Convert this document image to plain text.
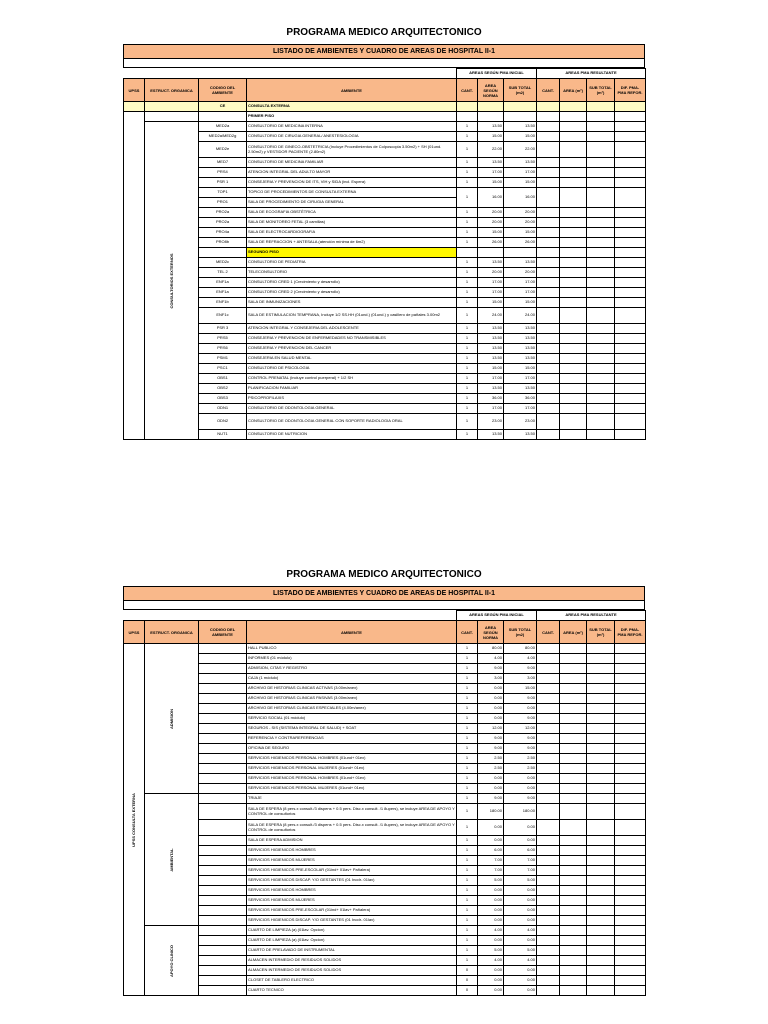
PROGRAMA MEDICO ARQUITECTONICO
LISTADO DE AMBIENTES Y CUADRO DE AREAS DE HOSPITAL II-1
				AREAS SEGÚN PMA INICIAL			AREAS PMA RESULTANTE			
UPSS	ESTRUCT. ORGANICA	CODIGO DEL AMBIENTE	AMBIENTE	CANT.	AREA SEGÚN NORMA	SUB TOTAL (m2)	CANT.	AREA (m²)	SUB TOTAL (m²)	DIF. PMA- PMA REFOR.
		CE	CONSULTA EXTERNA							
			PRIMER PISO							

	CONSULTORIOS EXTERNOS	MED2a	CONSULTORIO DE MEDICINA INTERNA	1	13.50	13.50				
		MED2a/MED2g	CONSULTORIO DE CIRUGIA GENERAL/ ANESTESIOLOGIA	1	15.00	15.00				
		MED2e	CONSULTORIO DE GINECO-OBSTETRICIA (Incluye Procedimientos de Colposcopia 3.50m2) + SH (01und. 2.50m2) y VESTIDOR PACIENTE (2.80m2)	1	22.00	22.00				
		MED7	CONSULTORIO DE MEDICINA FAMILIAR	1	13.50	13.50				
		PRS4	ATENCION INTEGRAL DEL ADULTO MAYOR	1	17.00	17.00				
		PSR 1	CONSEJERIA Y PREVENCION DE ITS, VIH y SIDA (incl. Espera)	1	15.00	15.00				
		TOP1	TOPICO DE PROCEDIMIENTOS DE CONSULTA EXTERNA	1	16.00	16.00				
		PRO1	SALA DE PROCEDIMIENTO DE CIRUGIA GENERAL							
		PRO2a	SALA DE ECOGRAFIA OBSTÉTRICA	1	20.00	20.00				
		PRO2a	SALA DE MONITOREO FETAL (3 camillas)	1	20.00	20.00				
		PRO4a	SALA DE ELECTROCARDIOGRAFIA	1	15.00	15.00				
		PRO8b	SALA DE REFRACCION + ANTESALA (atención mínima de 6m2)	1	26.00	26.00				
			SEGUNDO PISO							
		MED2c	CONSULTORIO DE PEDIATRIA	1	13.50	13.50				
		TEL 2	TELECONSULTORIO	1	20.00	20.00				
		ENF1a	CONSULTORIO CRED 1 (Crecimiento y desarrollo)	1	17.00	17.00				
		ENF1a	CONSULTORIO CRED 2 (Crecimiento y desarrollo)	1	17.00	17.00				
		ENF1b	SALA DE INMUNIZACIONES	1	15.00	15.00				
		ENF1c	SALA DE ESTIMULACION TEMPRANA, Incluye 1/2 SS.HH (01und.) (01und.) y casillero de pañales 3.00m2	1	24.00	24.00				
		PSR 3	ATENCION INTEGRAL Y CONSEJERIA DEL ADOLESCENTE	1	13.50	13.50				
		PRS5	CONSEJERIA Y PREVENCION DE ENFERMEDADES NO TRANSMISIBLES	1	13.50	13.50				
		PRS6	CONSEJERIA Y PREVENCION DEL CANCER	1	13.50	13.50				
		PSM1	CONSEJERIA EN SALUD MENTAL	1	13.50	13.50				
		PSC1	CONSULTORIO DE PSICOLOGIA	1	15.00	15.00				
		OBS1	CONTROL PRENATAL (incluye control puerperal) + 1/2 SH	1	17.00	17.00				
		OBS2	PLANIFICACION FAMILIAR	1	13.50	13.50				
		OBS3	PSICOPROFILAXIS	1	36.00	36.00				
		ODN1	CONSULTORIO DE ODONTOLOGIA GENERAL	1	17.00	17.00				
		ODN2	CONSULTORIO DE ODONTOLOGIA GENERAL CON SOPORTE RADIOLOGIA ORAL	1	23.00	23.00				
		NUT1	CONSULTORIO DE NUTRICION	1	13.50	13.50				
PROGRAMA MEDICO ARQUITECTONICO
LISTADO DE AMBIENTES Y CUADRO DE AREAS DE HOSPITAL II-1
				AREAS SEGÚN PMA INICIAL			AREAS PMA RESULTANTE			
UPSS	ESTRUCT. ORGANICA	CODIGO DEL AMBIENTE	AMBIENTE	CANT.	AREA SEGÚN NORMA	SUB TOTAL (m2)	CANT.	AREA (m²)	SUB TOTAL (m²)	DIF. PMA- PMA REFOR.

UPSS CONSULTA EXTERNA	ADMISION		HALL PUBLICO	1	80.00	80.00				
			INFORMES (01 módulo)	1	4.00	4.00				
			ADMISION, CITAS Y REGISTRO	1	9.00	9.00				
			CAJA (1 módulo)	1	3.00	3.00				
			ARCHIVO DE HISTORIAS CLINICAS ACTIVAS (3.00m/anex)	1	0.00	15.00				
			ARCHIVO DE HISTORIAS CLINICAS PASIVAS (3.00m/anex)	1	0.00	9.00				
			ARCHIVO DE HISTORIAS CLINICAS ESPECIALES (4.00m/anex)	1	0.00	0.00				
			SERVICIO SOCIAL (01 módulo)	1	0.00	9.00				
			SEGUROS - SIS (SISTEMA INTEGRAL DE SALUD) + SOAT	1	12.00	12.00				
			REFERENCIA Y CONTRAREFERENCIAS	1	9.00	9.00				
			OFICINA DE SEGURO	1	9.00	9.00				
			SERVICIOS HIGIENICOS PERSONAL HOMBRES (01und+ 01ex)	1	2.50	2.50				
			SERVICIOS HIGIENICOS PERSONAL MUJERES (01und+ 01ex)	1	2.50	2.50				
			SERVICIOS HIGIENICOS PERSONAL HOMBRES (01und+ 01ex)	1	0.00	0.00				
			SERVICIOS HIGIENICOS PERSONAL MUJERES (01und+ 01ex)	1	0.00	0.00				

	AMBIENTAL		TRIAJE	1	9.00	9.00				
			SALA DE ESPERA (8 pers.x consult./3 dispens + 0.5 pers. Disc.x consult. /1 8upers), se incluye AREA DE APOYO Y CONTROL de consultorios	1	180.00	180.00				
			SALA DE ESPERA (8 pers.x consult./3 dispens + 0.5 pers. Disc.x consult. /1 8upers), se incluye AREA DE APOYO Y CONTROL de consultorios	1	0.00	0.00				
			SALA DE ESPERA ADMISION	1	0.00	0.00				
			SERVICIOS HIGIENICOS HOMBRES	1	6.00	6.00				
			SERVICIOS HIGIENICOS MUJERES	1	7.00	7.00				
			SERVICIOS HIGIENICOS PRE-ESCOLAR (01ind+ 01lav+ Pañalera)	1	7.00	7.00				
			SERVICIOS HIGIENICOS DISCAP. Y/O GESTANTES (01 Inodr- 01lav)	1	5.00	5.00				
			SERVICIOS HIGIENICOS HOMBRES	1	0.00	0.00				
			SERVICIOS HIGIENICOS MUJERES	1	0.00	0.00				
			SERVICIOS HIGIENICOS PRE-ESCOLAR (01ind+ 01lav+ Pañalera)	1	0.00	0.00				
			SERVICIOS HIGIENICOS DISCAP. Y/O GESTANTES (01 Inodr- 01lav)	1	0.00	0.00				

	APOYO CLINICO		CUARTO DE LIMPIEZA (a) (01lav. Opcion)	1	4.00	4.00				
			CUARTO DE LIMPIEZA (a) (01lav. Opcion)	1	0.00	0.00				
			CUARTO DE PRELAVADO DE INSTRUMENTAL	1	5.00	5.00				
			ALMACEN INTERMEDIO DE RESIDUOS SOLIDOS	1	4.00	4.00				
			ALMACEN INTERMEDIO DE RESIDUOS SOLIDOS	0	0.00	0.00				
			CLOSET DE TABLERO ELECTRICO	0	0.00	0.00				
			CUARTO TECNICO	0	0.00	0.00				
